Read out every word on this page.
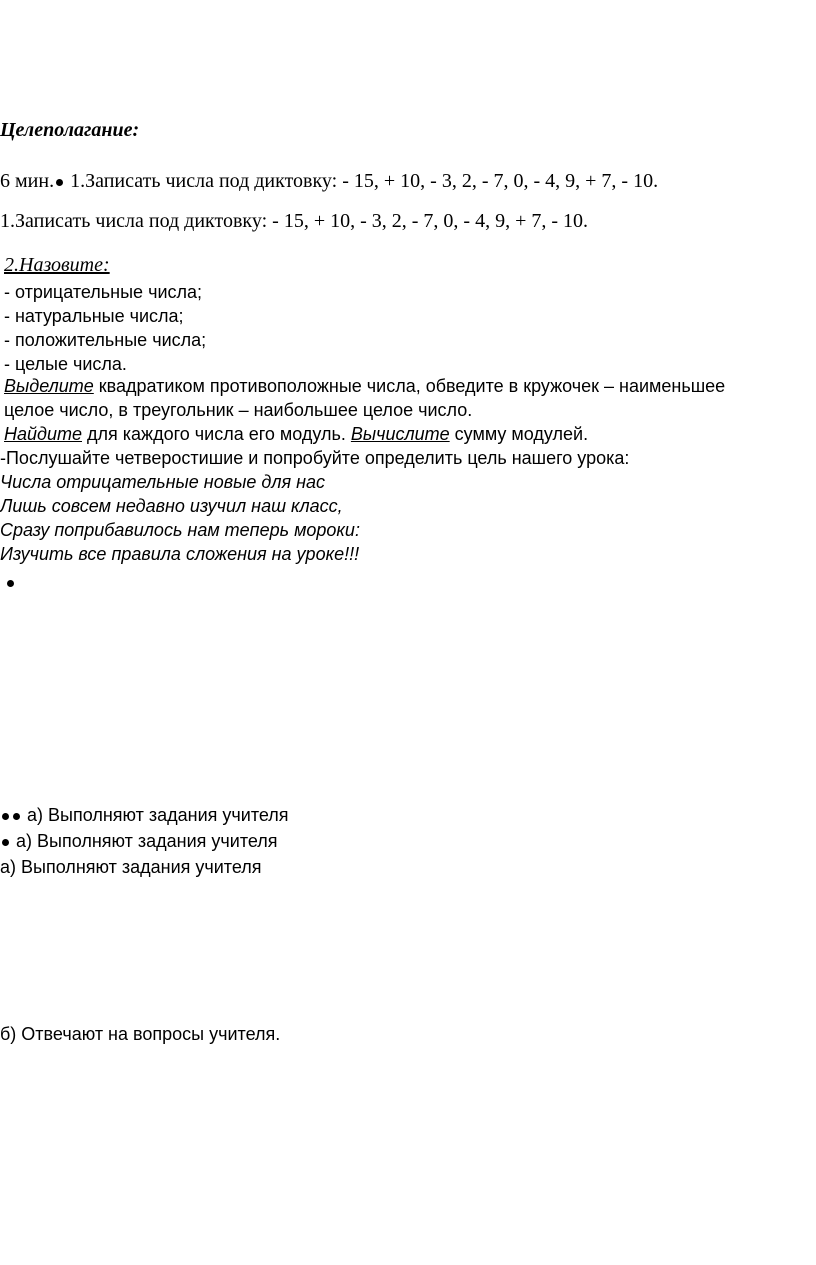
Целеполагание:
6 мин. 1.Записать числа под диктовку: - 15, + 10, - 3, 2, - 7, 0, - 4, 9, + 7, - 10.
1.Записать числа под диктовку: - 15, + 10, - 3, 2, - 7, 0, - 4, 9, + 7, - 10.
2.Назовите:
- отрицательные числа;
- натуральные числа;
- положительные числа;
- целые числа.
Выделите квадратиком противоположные числа, обведите в кружочек – наименьшее
целое число, в треугольник – наибольшее целое число.
Найдите для каждого числа его модуль. Вычислите сумму модулей.
-Послушайте четверостишие и попробуйте определить цель нашего урока:
Числа отрицательные новые для нас
Лишь совсем недавно изучил наш класс,
Сразу поприбавилось нам теперь мороки:
Изучить все правила сложения на уроке!!!
а) Выполняют задания учителя
а) Выполняют задания учителя
а) Выполняют задания учителя
б) Отвечают на вопросы учителя.
